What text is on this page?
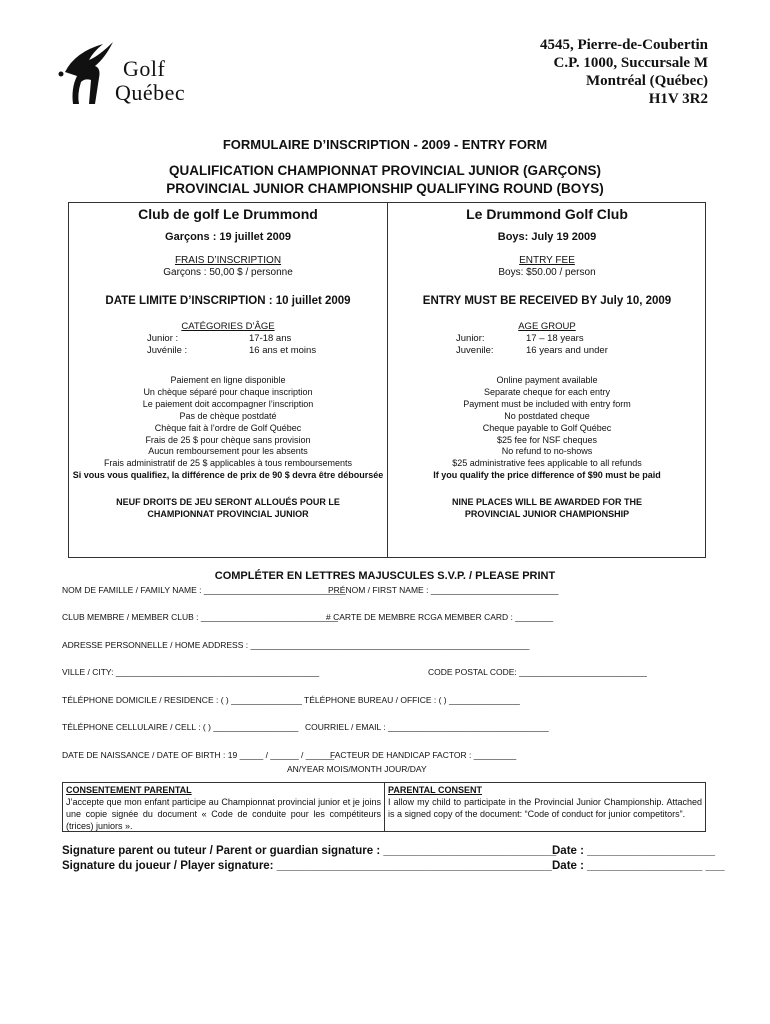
Golf
Québec
4545, Pierre-de-Coubertin
C.P. 1000, Succursale M
Montréal (Québec)
H1V 3R2
FORMULAIRE D’INSCRIPTION - 2009 - ENTRY FORM
QUALIFICATION CHAMPIONNAT PROVINCIAL JUNIOR (GARÇONS)
PROVINCIAL JUNIOR CHAMPIONSHIP QUALIFYING ROUND (BOYS)
Club de golf Le Drummond
Garçons : 19 juillet 2009
FRAIS D’INSCRIPTION
Garçons : 50,00 $ / personne
DATE LIMITE D’INSCRIPTION : 10 juillet 2009
CATÉGORIES D’ÂGE
Junior :	17-18 ans
Juvénile :	16 ans et moins
Paiement en ligne disponible
Un chèque séparé pour chaque inscription
Le paiement doit accompagner l’inscription
Pas de chèque postdaté
Chèque fait à l’ordre de Golf Québec
Frais de 25 $ pour chèque sans provision
Aucun remboursement pour les absents
Frais administratif de 25 $ applicables à tous remboursements
Si vous vous qualifiez, la différence de prix de 90 $ devra être déboursée
NEUF DROITS DE JEU SERONT ALLOUÉS POUR LE
CHAMPIONNAT PROVINCIAL JUNIOR
Le Drummond Golf Club
Boys: July 19 2009
ENTRY FEE
Boys: $50.00 / person
ENTRY MUST BE RECEIVED BY July 10, 2009
AGE GROUP
Junior:	17 – 18 years
Juvenile:	16 years and under
Online payment available
Separate cheque for each entry
Payment must be included with entry form
No postdated cheque
Cheque payable to Golf Québec
$25 fee for NSF cheques
No refund to no-shows
$25 administrative fees applicable to all refunds
If you qualify the price difference of $90 must be paid
NINE PLACES WILL BE AWARDED FOR THE
PROVINCIAL JUNIOR CHAMPIONSHIP
COMPLÉTER EN LETTRES MAJUSCULES S.V.P. / PLEASE PRINT
NOM DE FAMILLE / FAMILY NAME : ______________________________
PRÉNOM / FIRST NAME : ___________________________
CLUB MEMBRE / MEMBER CLUB : _____________________________
# CARTE DE MEMBRE RCGA MEMBER CARD : ________
ADRESSE PERSONNELLE / HOME ADDRESS : ___________________________________________________________
VILLE / CITY: ___________________________________________	CODE POSTAL CODE: ___________________________
TÉLÉPHONE DOMICILE / RESIDENCE : ( ) _______________ TÉLÉPHONE BUREAU / OFFICE : ( ) _______________
TÉLÉPHONE CELLULAIRE / CELL : ( ) __________________ COURRIEL / EMAIL : __________________________________
DATE DE NAISSANCE / DATE OF BIRTH : 19 _____ / ______ / ______
FACTEUR DE HANDICAP FACTOR : _________
AN/YEAR MOIS/MONTH JOUR/DAY
CONSENTEMENT PARENTAL
J’accepte que mon enfant participe au Championnat provincial junior et je joins une copie signée du document « Code de conduite pour les compétiteurs (trices) juniors ».
PARENTAL CONSENT
I allow my child to participate in the Provincial Junior Championship. Attached is a signed copy of the document: “Code of conduct for junior competitors”.
Signature parent ou tuteur / Parent or guardian signature : ___________________________
Signature du joueur / Player signature: ___________________________________________
Date : ____________________
Date : __________________ ___
